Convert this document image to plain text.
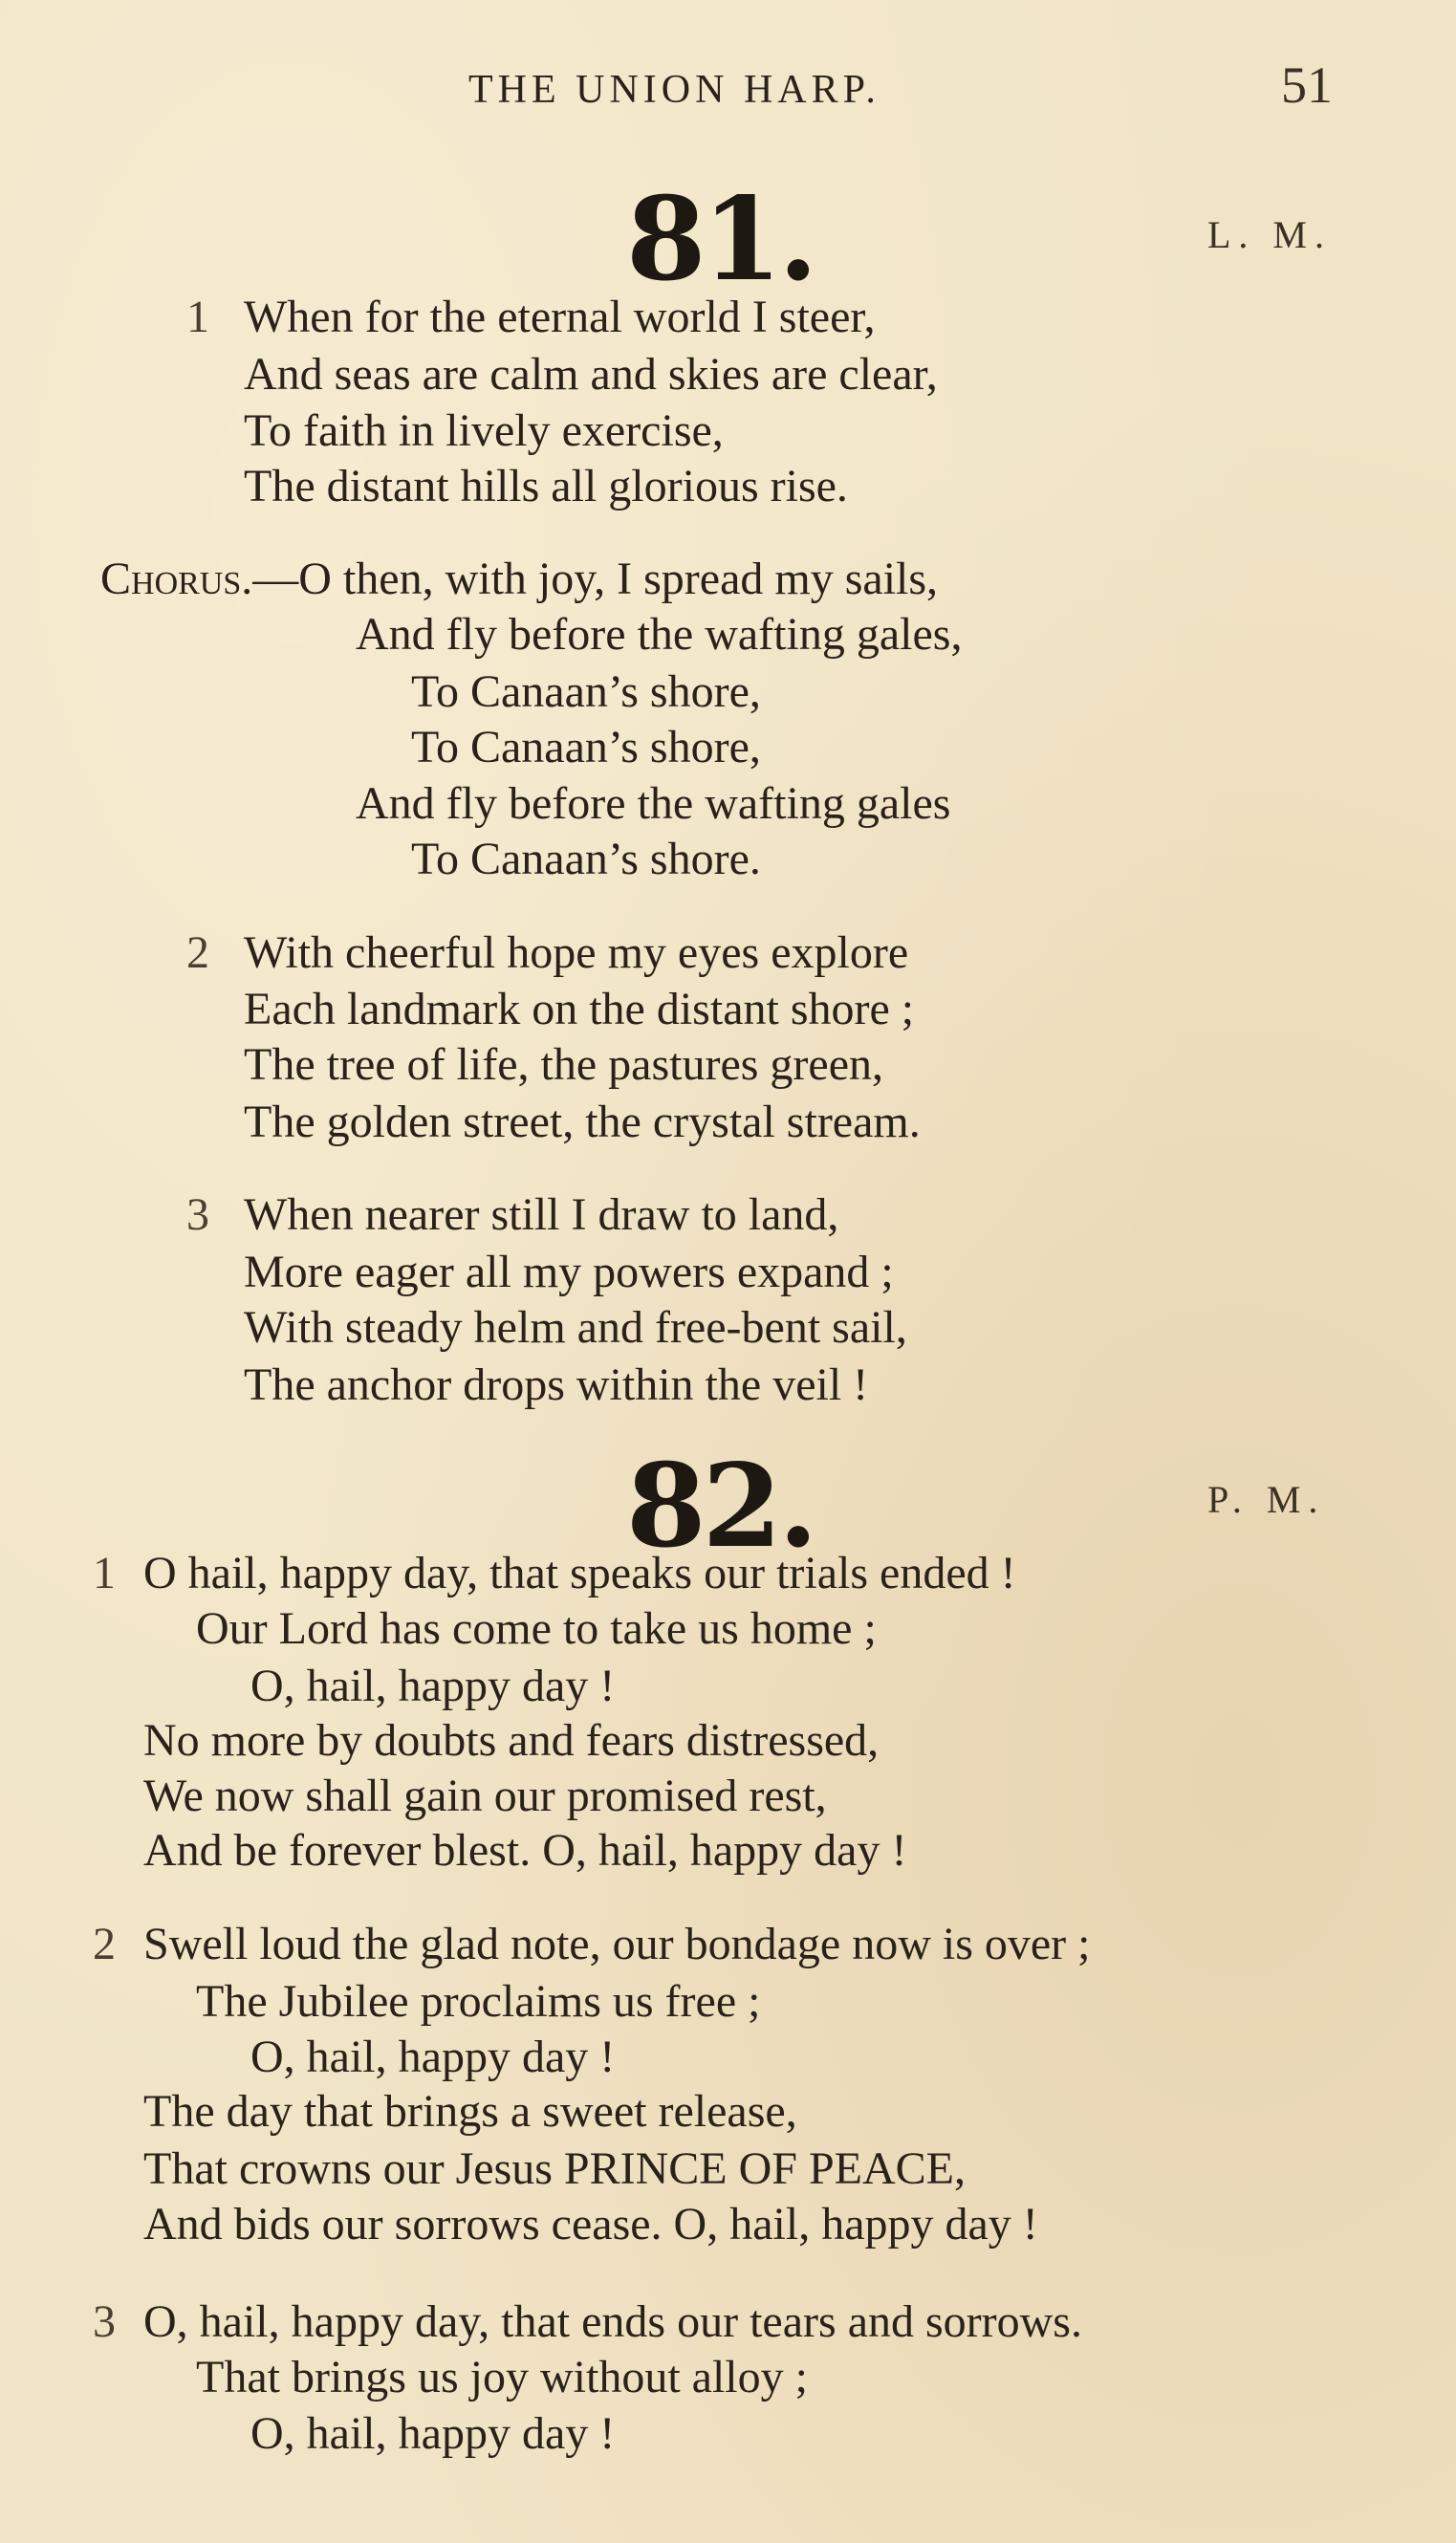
THE UNION HARP.	51
81.	L. M.
1 When for the eternal world I steer,
And seas are calm and skies are clear,
To faith in lively exercise,
The distant hills all glorious rise.
Chorus.—O then, with joy, I spread my sails,
And fly before the wafting gales,
To Canaan’s shore,
To Canaan’s shore,
And fly before the wafting gales
To Canaan’s shore.
2 With cheerful hope my eyes explore
Each landmark on the distant shore ;
The tree of life, the pastures green,
The golden street, the crystal stream.
3 When nearer still I draw to land,
More eager all my powers expand ;
With steady helm and free-bent sail,
The anchor drops within the veil !
82.	P. M.
1 O hail, happy day, that speaks our trials ended !
Our Lord has come to take us home ;
O, hail, happy day !
No more by doubts and fears distressed,
We now shall gain our promised rest,
And be forever blest. O, hail, happy day !
2 Swell loud the glad note, our bondage now is over ;
The Jubilee proclaims us free ;
O, hail, happy day !
The day that brings a sweet release,
That crowns our Jesus PRINCE OF PEACE,
And bids our sorrows cease. O, hail, happy day !
3 O, hail, happy day, that ends our tears and sorrows.
That brings us joy without alloy ;
O, hail, happy day !
